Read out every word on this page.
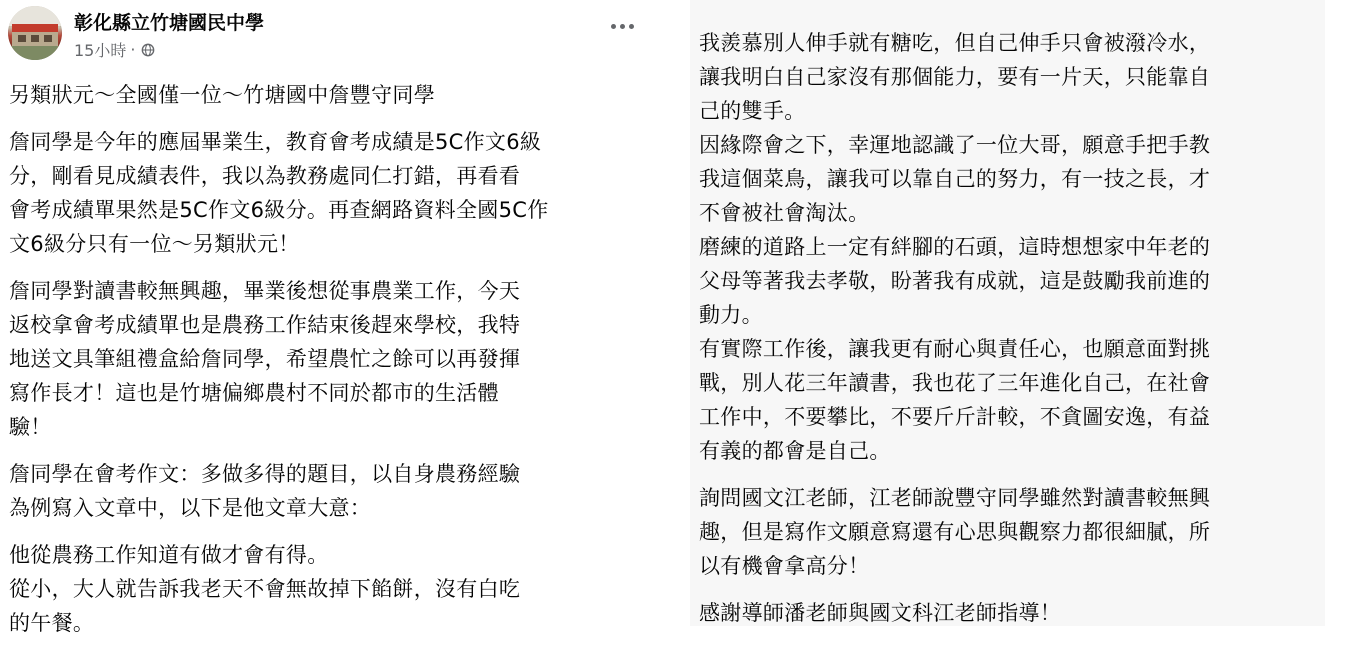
彰化縣立竹塘國民中學
15小時 ·

另類狀元～全國僅一位～竹塘國中詹豐守同學

詹同學是今年的應屆畢業生，教育會考成績是5C作文6級

分，剛看見成績表件，我以為教務處同仁打錯，再看看

會考成績單果然是5C作文6級分。再查網路資料全國5C作

文6級分只有一位～另類狀元！

詹同學對讀書較無興趣，畢業後想從事農業工作，今天

返校拿會考成績單也是農務工作結束後趕來學校，我特

地送文具筆組禮盒給詹同學，希望農忙之餘可以再發揮

寫作長才！這也是竹塘偏鄉農村不同於都市的生活體

驗！

詹同學在會考作文：多做多得的題目，以自身農務經驗

為例寫入文章中，以下是他文章大意：

他從農務工作知道有做才會有得。

從小，大人就告訴我老天不會無故掉下餡餅，沒有白吃

的午餐。

我羨慕別人伸手就有糖吃，但自己伸手只會被潑冷水，

讓我明白自己家沒有那個能力，要有一片天，只能靠自

己的雙手。

因緣際會之下，幸運地認識了一位大哥，願意手把手教

我這個菜鳥，讓我可以靠自己的努力，有一技之長，才

不會被社會淘汰。

磨練的道路上一定有絆腳的石頭，這時想想家中年老的

父母等著我去孝敬，盼著我有成就，這是鼓勵我前進的

動力。

有實際工作後，讓我更有耐心與責任心，也願意面對挑

戰，別人花三年讀書，我也花了三年進化自己，在社會

工作中，不要攀比，不要斤斤計較，不貪圖安逸，有益

有義的都會是自己。

詢問國文江老師，江老師說豐守同學雖然對讀書較無興

趣，但是寫作文願意寫還有心思與觀察力都很細膩，所

以有機會拿高分！

感謝導師潘老師與國文科江老師指導！
